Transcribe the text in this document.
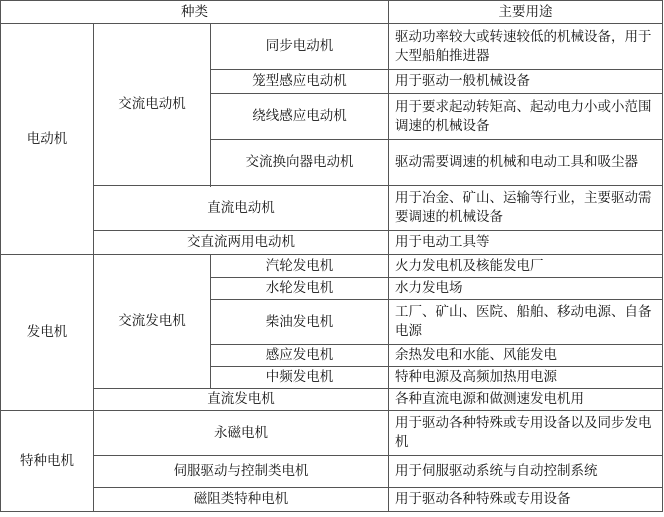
种类			主要用途
电动机	交流电动机	同步电动机	驱动功率较大或转速较低的机械设备，用于大型船舶推进器
		笼型感应电动机	用于驱动一般机械设备
		绕线感应电动机	用于要求起动转矩高、起动电力小或小范围调速的机械设备
		交流换向器电动机	驱动需要调速的机械和电动工具和吸尘器

	直流电动机		用于冶金、矿山、运输等行业，主要驱动需要调速的机械设备
	交直流两用电动机		用于电动工具等
发电机	交流发电机	汽轮发电机	火力发电机及核能发电厂
		水轮发电机	水力发电场
		柴油发电机	工厂、矿山、医院、船舶、移动电源、自备电源
		感应发电机	余热发电和水能、风能发电
		中频发电机	特种电源及高频加热用电源
	直流发电机		各种直流电源和做测速发电机用
特种电机	永磁电机		用于驱动各种特殊或专用设备以及同步发电机
	伺服驱动与控制类电机		用于伺服驱动系统与自动控制系统
	磁阻类特种电机		用于驱动各种特殊或专用设备
